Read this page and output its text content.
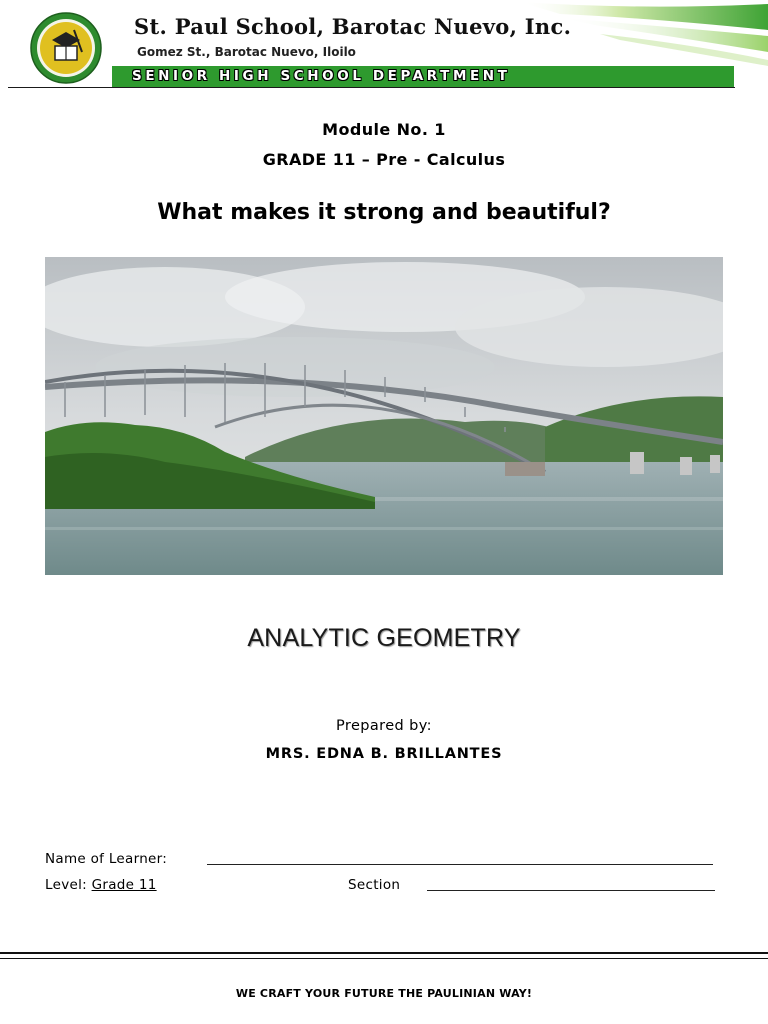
SENIOR HIGH SCHOOL DEPARTMENT
St. Paul School, Barotac Nuevo, Inc.
Gomez St., Barotac Nuevo, Iloilo
Module No. 1
GRADE 11 – Pre - Calculus
What makes it strong and beautiful?
ANALYTIC GEOMETRY
Prepared by:
MRS. EDNA B. BRILLANTES
Name of Learner:
Level: Grade 11	Section
WE CRAFT YOUR FUTURE THE PAULINIAN WAY!
